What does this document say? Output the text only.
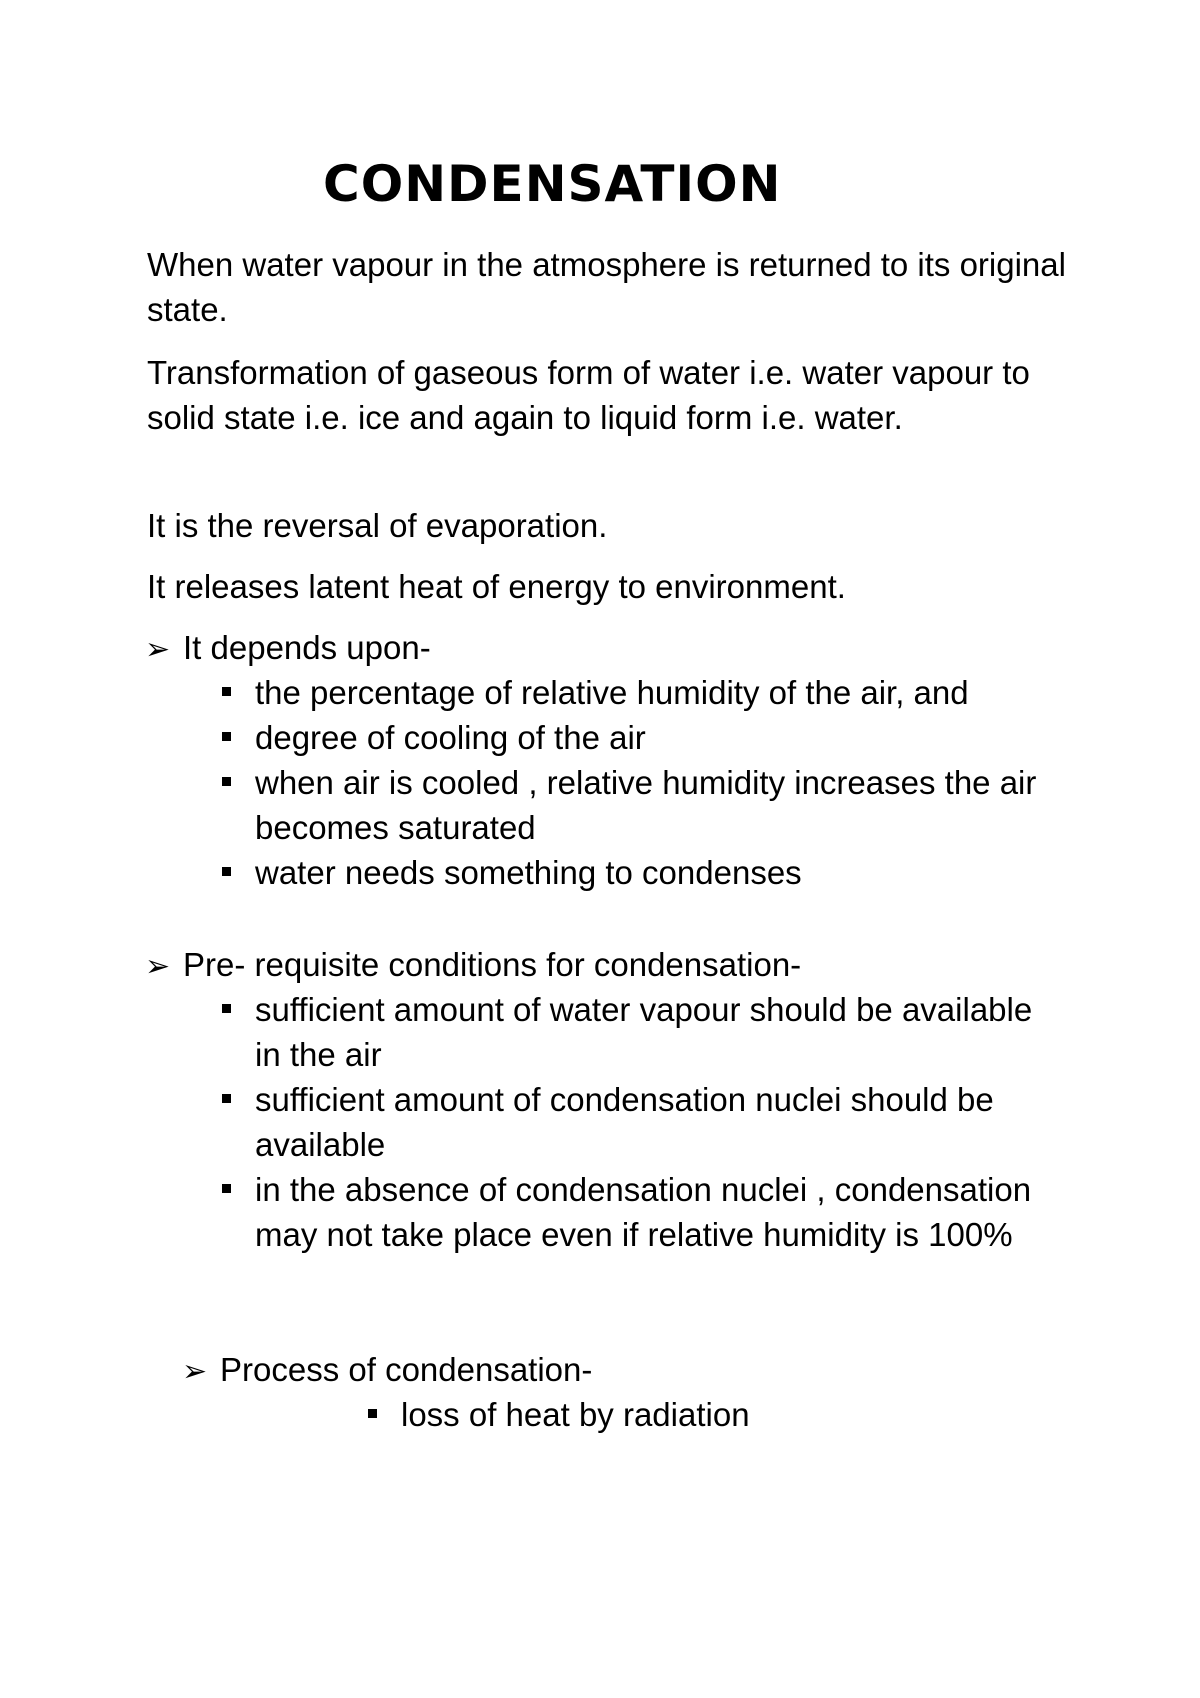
CONDENSATION

When water vapour in the atmosphere is returned to its original state.

Transformation of gaseous form of water i.e. water vapour to solid state i.e. ice and again to liquid form i.e. water.

It is the reversal of evaporation.

It releases latent heat of energy to environment.

➢ It depends upon-
the percentage of relative humidity of the air, and
degree of cooling of the air
when air is cooled , relative humidity increases the air becomes saturated
water needs something to condenses
➢ Pre- requisite conditions for condensation-
sufficient amount of water vapour should be available in the air
sufficient amount of condensation nuclei should be available
in the absence of condensation nuclei , condensation may not take place even if relative humidity is 100%
➢ Process of condensation-
loss of heat by radiation
